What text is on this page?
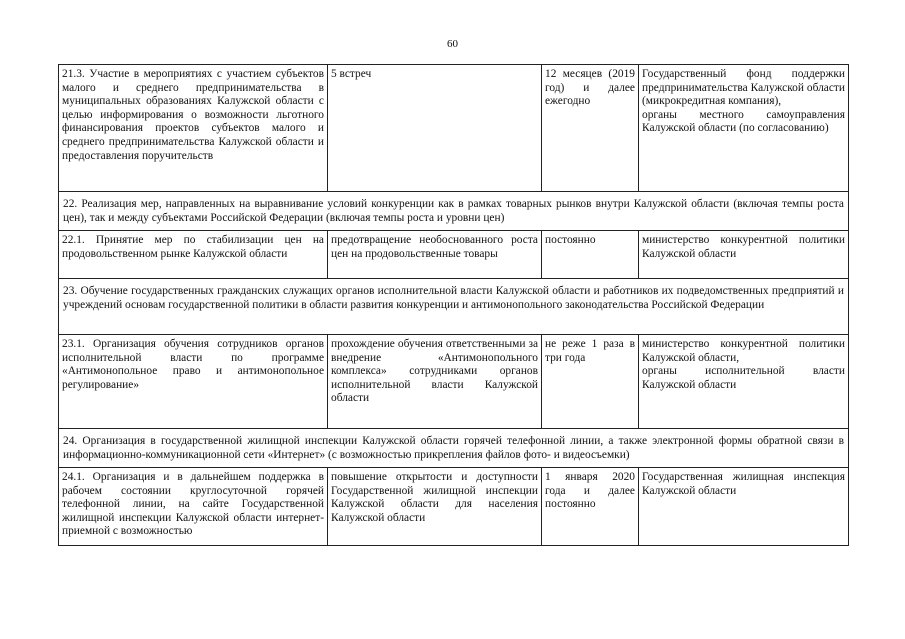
60
21.3. Участие в мероприятиях с участием субъектов малого и среднего предпринимательства в муниципальных образованиях Калужской области с целью информирования о возможности льготного финансирования проектов субъектов малого и среднего предпринимательства Калужской области и предоставления поручительств	5 встреч	12 месяцев (2019 год) и далее ежегодно	Государственный фонд поддержки предпринимательства Калужской области (микрокредитная компания),
органы местного самоуправления Калужской области (по согласованию)

22. Реализация мер, направленных на выравнивание условий конкуренции как в рамках товарных рынков внутри Калужской области (включая темпы роста цен), так и между субъектами Российской Федерации (включая темпы роста и уровни цен)			
22.1. Принятие мер по стабилизации цен на продовольственном рынке Калужской области	предотвращение необоснованного роста цен на продовольственные товары	постоянно	министерство конкурентной политики Калужской области

23. Обучение государственных гражданских служащих органов исполнительной власти Калужской области и работников их подведомственных предприятий и учреждений основам государственной политики в области развития конкуренции и антимонопольного законодательства Российской Федерации			
23.1. Организация обучения сотрудников органов исполнительной власти по программе «Антимонопольное право и антимонопольное регулирование»	прохождение обучения ответственными за внедрение «Антимонопольного комплекса» сотрудниками органов исполнительной власти Калужской области	не реже 1 раза в три года	министерство конкурентной политики Калужской области,
органы исполнительной власти Калужской области

24. Организация в государственной жилищной инспекции Калужской области горячей телефонной линии, а также электронной формы обратной связи в информационно-коммуникационной сети «Интернет» (с возможностью прикрепления файлов фото- и видеосъемки)			
24.1. Организация и в дальнейшем поддержка в рабочем состоянии круглосуточной горячей телефонной линии, на сайте Государственной жилищной инспекции Калужской области интернет-приемной с возможностью	повышение открытости и доступности Государственной жилищной инспекции Калужской области для населения Калужской области	1 января 2020 года и далее постоянно	Государственная жилищная инспекция Калужской области
